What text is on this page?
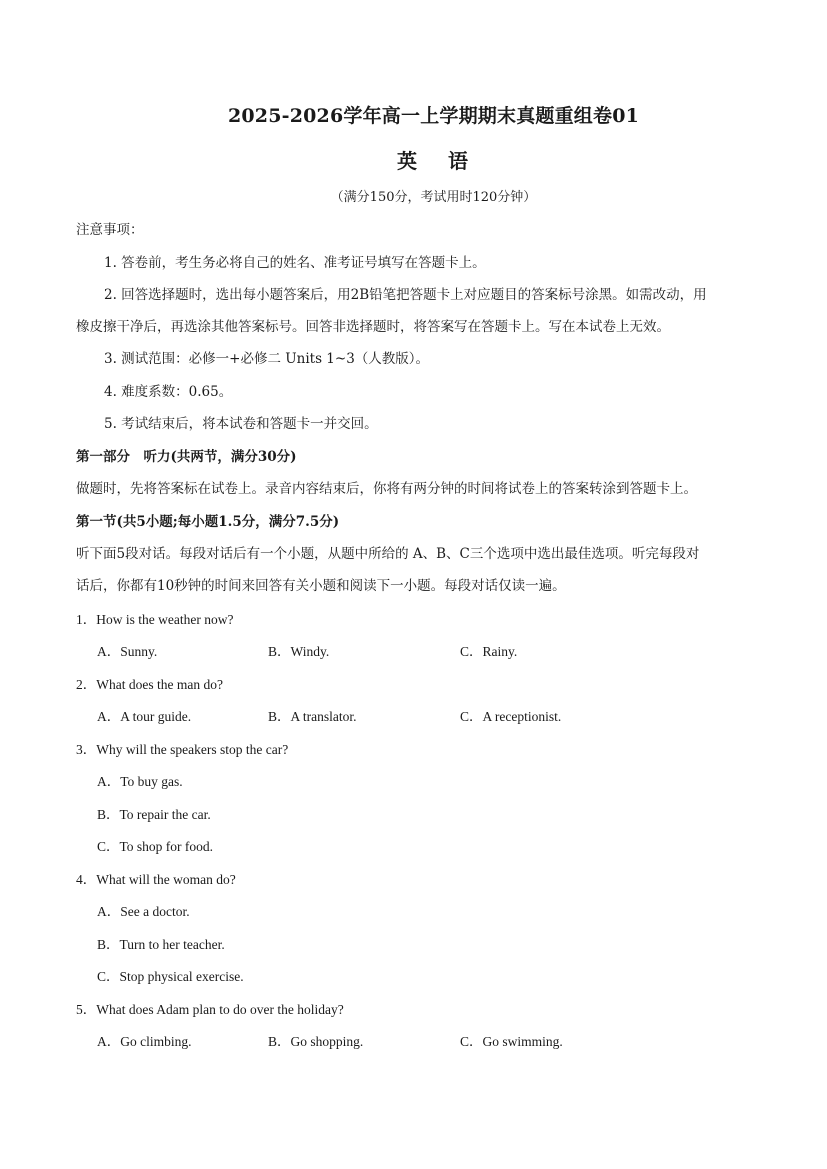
2025-2026学年高一上学期期末真题重组卷01
英 语
（满分150分，考试用时120分钟）
注意事项：
1. 答卷前，考生务必将自己的姓名、准考证号填写在答题卡上。
2. 回答选择题时，选出每小题答案后，用2B铅笔把答题卡上对应题目的答案标号涂黑。如需改动，用
橡皮擦干净后，再选涂其他答案标号。回答非选择题时，将答案写在答题卡上。写在本试卷上无效。
3. 测试范围：必修一+必修二 Units 1~3（人教版）。
4. 难度系数：0.65。
5. 考试结束后，将本试卷和答题卡一并交回。
第一部分　听力(共两节，满分30分)
做题时，先将答案标在试卷上。录音内容结束后，你将有两分钟的时间将试卷上的答案转涂到答题卡上。
第一节(共5小题;每小题1.5分，满分7.5分)
听下面5段对话。每段对话后有一个小题，从题中所给的 A、B、C三个选项中选出最佳选项。听完每段对
话后，你都有10秒钟的时间来回答有关小题和阅读下一小题。每段对话仅读一遍。
1．How is the weather now?
A．Sunny.	B．Windy.	C．Rainy.
2．What does the man do?
A．A tour guide.	B．A translator.	C．A receptionist.
3．Why will the speakers stop the car?
A．To buy gas.
B．To repair the car.
C．To shop for food.
4．What will the woman do?
A．See a doctor.
B．Turn to her teacher.
C．Stop physical exercise.
5．What does Adam plan to do over the holiday?
A．Go climbing.	B．Go shopping.	C．Go swimming.
